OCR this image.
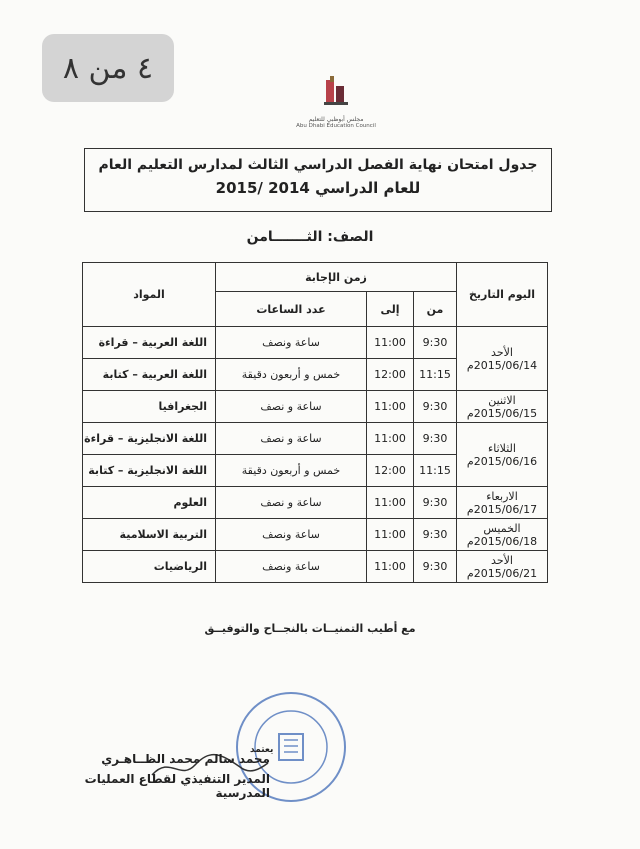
٤ من ٨
مجلس أبوظبي للتعليم
Abu Dhabi Education Council
جدول امتحان نهاية الفصل الدراسي الثالث لمدارس التعليم العام
للعام الدراسي 2014 /2015
الصف: الثـــــــامن
اليوم التاريخ	زمن الإجابة			المواد
	من	إلى	عدد الساعات	

الأحد
2015/06/14م	9:30	11:00	ساعة ونصف	اللغة العربية – قراءة
	11:15	12:00	خمس و أربعون دقيقة	اللغة العربية – كتابة

الاثنين
2015/06/15م	9:30	11:00	ساعة و نصف	الجغرافيا

الثلاثاء
2015/06/16م	9:30	11:00	ساعة و نصف	اللغة الانجليزية – قراءة
	11:15	12:00	خمس و أربعون دقيقة	اللغة الانجليزية – كتابة

الاربعاء
2015/06/17م	9:30	11:00	ساعة و نصف	العلوم

الخميس
2015/06/18م	9:30	11:00	ساعة ونصف	التربية الاسلامية

الأحد
2015/06/21م	9:30	11:00	ساعة ونصف	الرياضيات
مع أطيب التمنيــات بالنجــاح والتوفيــق
يعتمد
محمد سالم محمد الظــاهـري
المدير التنفيذي لقطاع العمليات المدرسية
